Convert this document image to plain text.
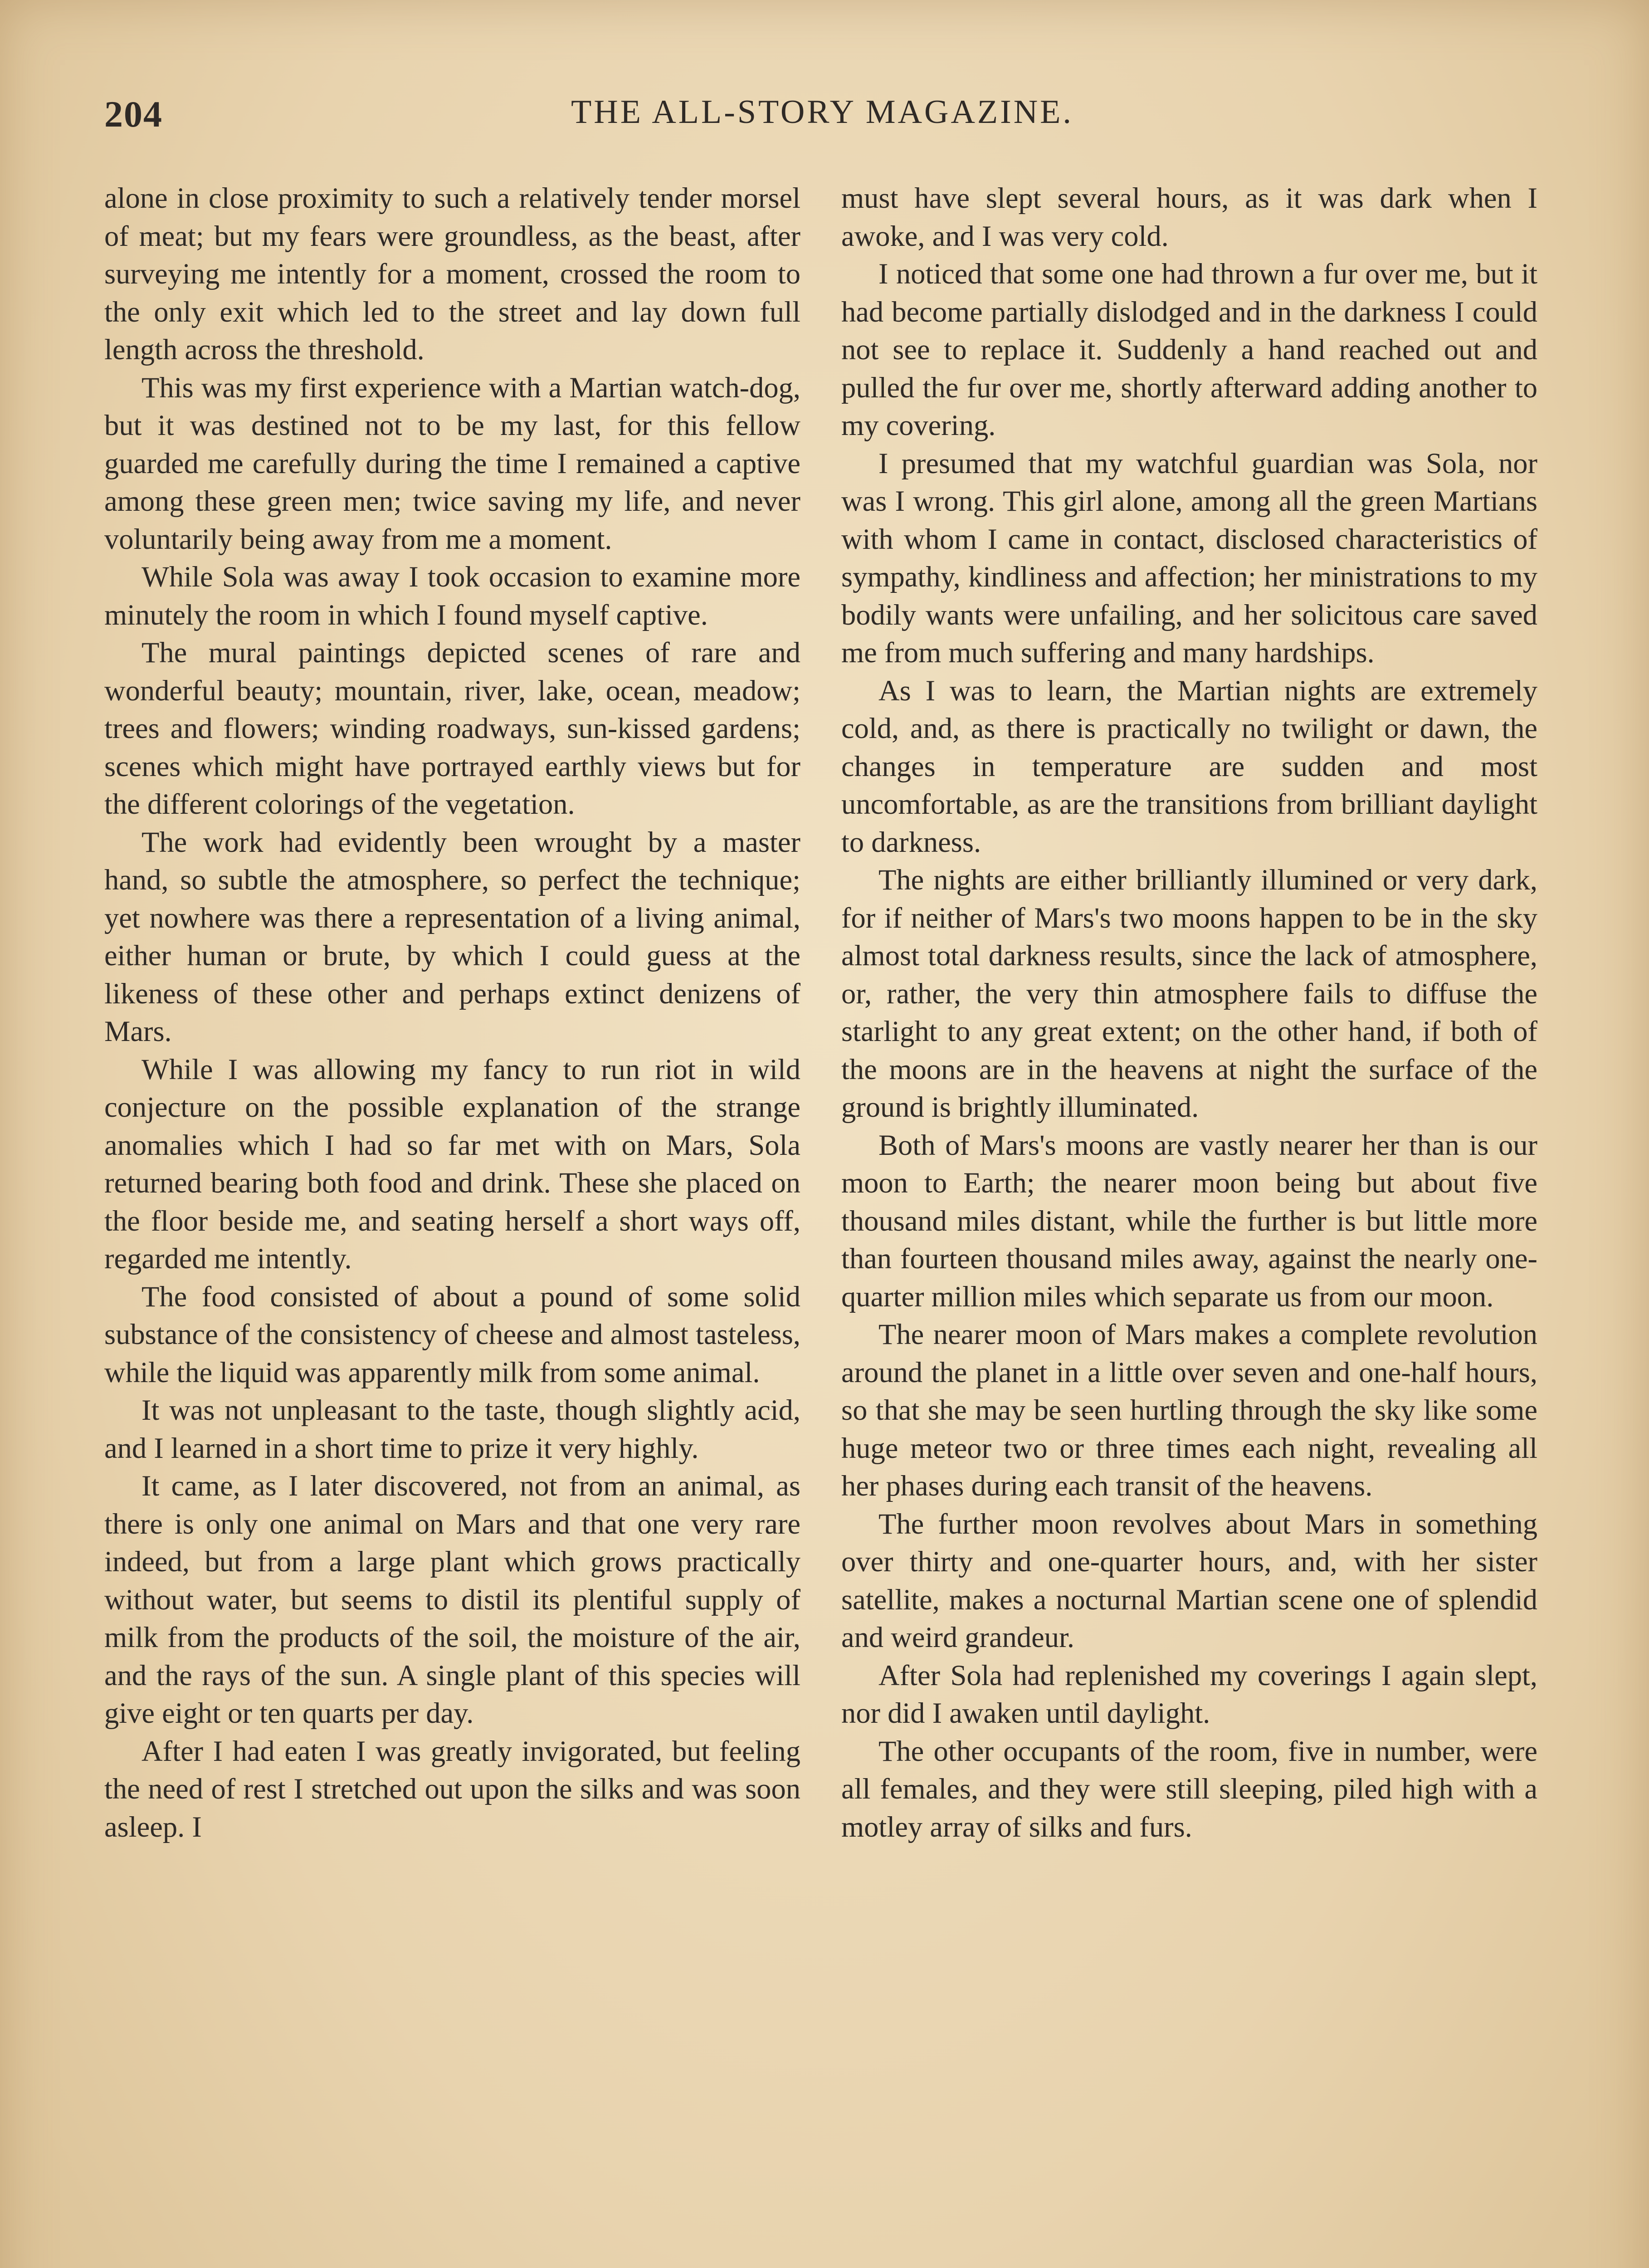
204	THE ALL-STORY MAGAZINE.

alone in close proximity to such a relatively tender morsel of meat; but my fears were groundless, as the beast, after surveying me intently for a moment, crossed the room to the only exit which led to the street and lay down full length across the threshold.

This was my first experience with a Martian watch-dog, but it was destined not to be my last, for this fellow guarded me carefully during the time I remained a captive among these green men; twice saving my life, and never voluntarily being away from me a moment.

While Sola was away I took occasion to examine more minutely the room in which I found myself captive.

The mural paintings depicted scenes of rare and wonderful beauty; mountain, river, lake, ocean, meadow; trees and flowers; winding roadways, sun-kissed gardens; scenes which might have portrayed earthly views but for the different colorings of the vegetation.

The work had evidently been wrought by a master hand, so subtle the atmosphere, so perfect the technique; yet nowhere was there a representation of a living animal, either human or brute, by which I could guess at the likeness of these other and perhaps extinct denizens of Mars.

While I was allowing my fancy to run riot in wild conjecture on the possible explanation of the strange anomalies which I had so far met with on Mars, Sola returned bearing both food and drink. These she placed on the floor beside me, and seating herself a short ways off, regarded me intently.

The food consisted of about a pound of some solid substance of the consistency of cheese and almost tasteless, while the liquid was apparently milk from some animal.

It was not unpleasant to the taste, though slightly acid, and I learned in a short time to prize it very highly.

It came, as I later discovered, not from an animal, as there is only one animal on Mars and that one very rare indeed, but from a large plant which grows practically without water, but seems to distil its plentiful supply of milk from the products of the soil, the moisture of the air, and the rays of the sun. A single plant of this species will give eight or ten quarts per day.

After I had eaten I was greatly invigorated, but feeling the need of rest I stretched out upon the silks and was soon asleep. I

must have slept several hours, as it was dark when I awoke, and I was very cold.

I noticed that some one had thrown a fur over me, but it had become partially dislodged and in the darkness I could not see to replace it. Suddenly a hand reached out and pulled the fur over me, shortly afterward adding another to my covering.

I presumed that my watchful guardian was Sola, nor was I wrong. This girl alone, among all the green Martians with whom I came in contact, disclosed characteristics of sympathy, kindliness and affection; her ministrations to my bodily wants were unfailing, and her solicitous care saved me from much suffering and many hardships.

As I was to learn, the Martian nights are extremely cold, and, as there is practically no twilight or dawn, the changes in temperature are sudden and most uncomfortable, as are the transitions from brilliant daylight to darkness.

The nights are either brilliantly illumined or very dark, for if neither of Mars's two moons happen to be in the sky almost total darkness results, since the lack of atmosphere, or, rather, the very thin atmosphere fails to diffuse the starlight to any great extent; on the other hand, if both of the moons are in the heavens at night the surface of the ground is brightly illuminated.

Both of Mars's moons are vastly nearer her than is our moon to Earth; the nearer moon being but about five thousand miles distant, while the further is but little more than fourteen thousand miles away, against the nearly one-quarter million miles which separate us from our moon.

The nearer moon of Mars makes a complete revolution around the planet in a little over seven and one-half hours, so that she may be seen hurtling through the sky like some huge meteor two or three times each night, revealing all her phases during each transit of the heavens.

The further moon revolves about Mars in something over thirty and one-quarter hours, and, with her sister satellite, makes a nocturnal Martian scene one of splendid and weird grandeur.

After Sola had replenished my coverings I again slept, nor did I awaken until daylight.

The other occupants of the room, five in number, were all females, and they were still sleeping, piled high with a motley array of silks and furs.
